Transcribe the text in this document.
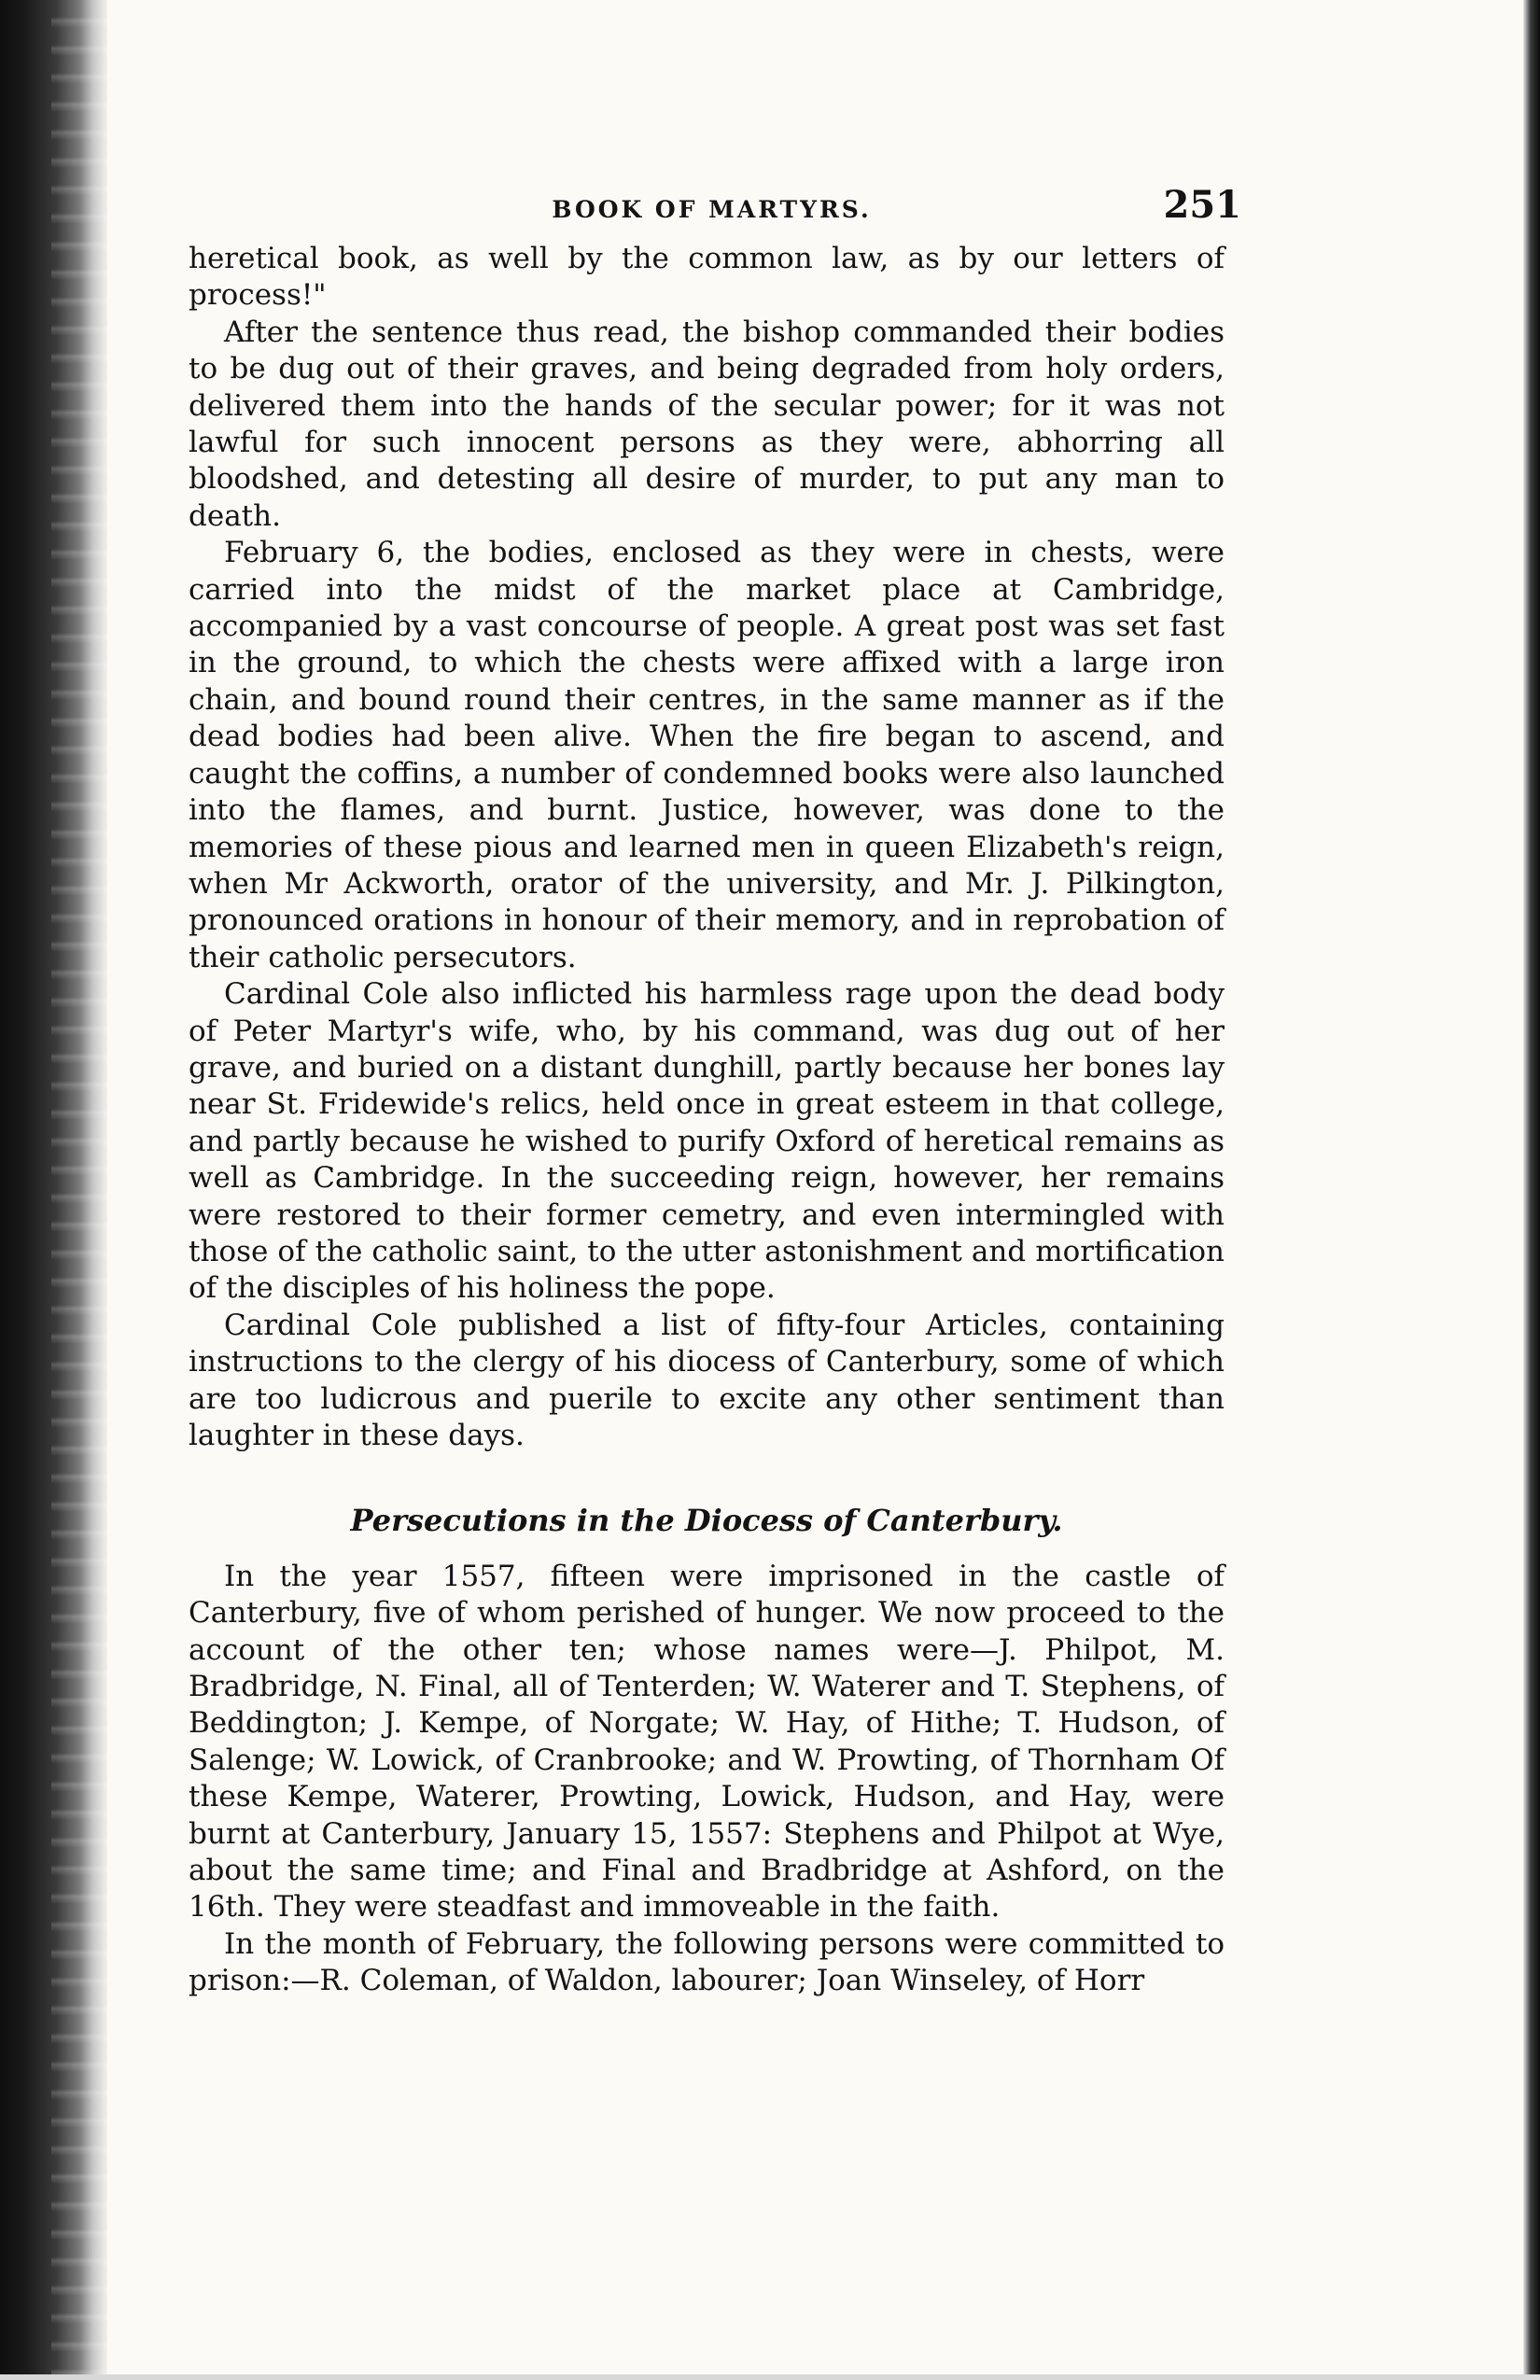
BOOK OF MARTYRS.	251

heretical book, as well by the common law, as by our letters of process!"

After the sentence thus read, the bishop commanded their bodies to be dug out of their graves, and being degraded from holy orders, delivered them into the hands of the secular power; for it was not lawful for such innocent persons as they were, abhorring all bloodshed, and detesting all desire of murder, to put any man to death.

February 6, the bodies, enclosed as they were in chests, were carried into the midst of the market place at Cambridge, accompanied by a vast concourse of people. A great post was set fast in the ground, to which the chests were affixed with a large iron chain, and bound round their centres, in the same manner as if the dead bodies had been alive. When the fire began to ascend, and caught the coffins, a number of condemned books were also launched into the flames, and burnt. Justice, however, was done to the memories of these pious and learned men in queen Elizabeth's reign, when Mr Ackworth, orator of the university, and Mr. J. Pilkington, pronounced orations in honour of their memory, and in reprobation of their catholic persecutors.

Cardinal Cole also inflicted his harmless rage upon the dead body of Peter Martyr's wife, who, by his command, was dug out of her grave, and buried on a distant dunghill, partly because her bones lay near St. Fridewide's relics, held once in great esteem in that college, and partly because he wished to purify Oxford of heretical remains as well as Cambridge. In the succeeding reign, however, her remains were restored to their former cemetry, and even intermingled with those of the catholic saint, to the utter astonishment and mortification of the disciples of his holiness the pope.

Cardinal Cole published a list of fifty-four Articles, containing instructions to the clergy of his diocess of Canterbury, some of which are too ludicrous and puerile to excite any other sentiment than laughter in these days.

Persecutions in the Diocess of Canterbury.

In the year 1557, fifteen were imprisoned in the castle of Canterbury, five of whom perished of hunger. We now proceed to the account of the other ten; whose names were—J. Philpot, M. Bradbridge, N. Final, all of Tenterden; W. Waterer and T. Stephens, of Beddington; J. Kempe, of Norgate; W. Hay, of Hithe; T. Hudson, of Salenge; W. Lowick, of Cranbrooke; and W. Prowting, of Thornham Of these Kempe, Waterer, Prowting, Lowick, Hudson, and Hay, were burnt at Canterbury, January 15, 1557: Stephens and Philpot at Wye, about the same time; and Final and Bradbridge at Ashford, on the 16th. They were steadfast and immoveable in the faith.

In the month of February, the following persons were committed to prison:—R. Coleman, of Waldon, labourer; Joan Winseley, of Horr
